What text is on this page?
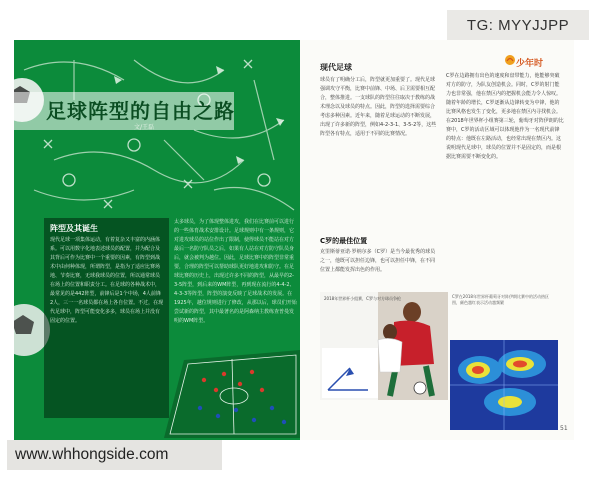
足球阵型的自由之路
文/王磊
阵型及其诞生
现代足球一项集体运动，有着复杂又丰富的内涵体系。可以用数字化地表述球员的配置，并为配合及其背后可作为比赛中一个重要的因素，有阵型到战术中由何种体现，所谓阵型，是指为了适应比赛场地、节奏比赛，无球我球员的位置，所以通常球员在场上的位置和职责分工。在足球的各种战术中，最常见的是442阵型，前锋后是1个中场，4人前锋2人，三一一名球员都在场上各自位置。不过，在现代足球中，阵型可能变化多多，球员在场上并没有固定的位置。
太多球员，为了体现整体进攻，我们在比赛前可以进行的一些体育战术安排设计。足球规则中有一条规则，它对进攻球员的站位作出了限制，使得球员不能站在对方最后一名防守队员之后，如果有人站在对方防守队员身后，就会被判为越位。因此，足球比赛中的阵型非常重要，合理的阵型可以帮助球队更好地进攻和防守。在足球比赛的历史上，出现过许多不同的阵型，从最早的2-3-5阵型，到后来的WM阵型，再到现在流行的4-4-2、4-3-3等阵型，阵型的演变反映了足球战术的发展。在1925年，越位规则进行了修改，从那以后，球员们开始尝试新的阵型，其中最著名的是阿森纳主教练查普曼发明的WM阵型。
现代足球	少年时
球员有了明确分工后，阵型就更加重要了。现代足球强调攻守平衡，比赛中前锋、中场、后卫需要相互配合，整体推进。一支球队的阵型往往取决于教练的战术理念以及球员的特点。因此，阵型的选择需要综合考虑多种因素。近年来，随着足球运动的不断发展，出现了许多新的阵型，例如4-2-3-1、3-5-2等，这些阵型各有特点，适用于不同的比赛情况。
C罗的最佳位置
克里斯蒂亚诺·罗纳尔多（C罗）是当今最优秀的球员之一，他既可以担任边锋，也可以担任中锋，在不同位置上都能发挥出色的作用。
C罗在边路拥有出色的速度和盘带能力，他能够突破对方的防守，为队友创造机会。同时，C罗的射门能力也非常强，他在禁区内的把握机会能力令人惊叹。随着年龄的增长，C罗逐渐从边锋转变为中锋，他的比赛风格也发生了变化，更多地在禁区内寻找机会。在2018年世界杯小组赛第三轮，葡萄牙对阵伊朗的比赛中，C罗的活动区域可以体现他作为一名现代前锋的特点：他既在左路活动，也经常出现在禁区内。这说明现代足球中，球员的位置并不是固定的，而是根据比赛需要不断变化的。
2018年世界杯小组赛，C罗与对方球员争抢	C罗在2018年世界杯葡萄牙对阵伊朗比赛中的活动热区图，颜色越红表示活动越频繁
51
TG: MYYJJPP
www.whhongside.com
